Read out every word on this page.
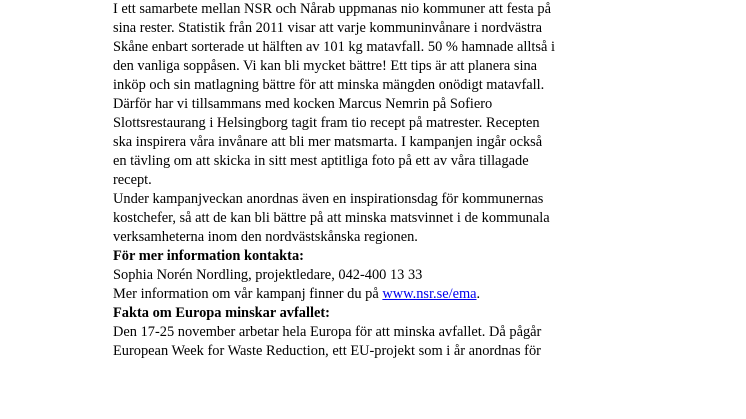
I ett samarbete mellan NSR och Nårab uppmanas nio kommuner att festa på
sina rester. Statistik från 2011 visar att varje kommuninvånare i nordvästra
Skåne enbart sorterade ut hälften av 101 kg matavfall. 50 % hamnade alltså i
den vanliga soppåsen. Vi kan bli mycket bättre! Ett tips är att planera sina
inköp och sin matlagning bättre för att minska mängden onödigt matavfall.
Därför har vi tillsammans med kocken Marcus Nemrin på Sofiero
Slottsrestaurang i Helsingborg tagit fram tio recept på matrester. Recepten
ska inspirera våra invånare att bli mer matsmarta. I kampanjen ingår också
en tävling om att skicka in sitt mest aptitliga foto på ett av våra tillagade
recept.

Under kampanjveckan anordnas även en inspirationsdag för kommunernas
kostchefer, så att de kan bli bättre på att minska matsvinnet i de kommunala
verksamheterna inom den nordvästskånska regionen.

För mer information kontakta:
Sophia Norén Nordling, projektledare, 042-400 13 33
Mer information om vår kampanj finner du på www.nsr.se/ema.

Fakta om Europa minskar avfallet:
Den 17-25 november arbetar hela Europa för att minska avfallet. Då pågår
European Week for Waste Reduction, ett EU-projekt som i år anordnas för
